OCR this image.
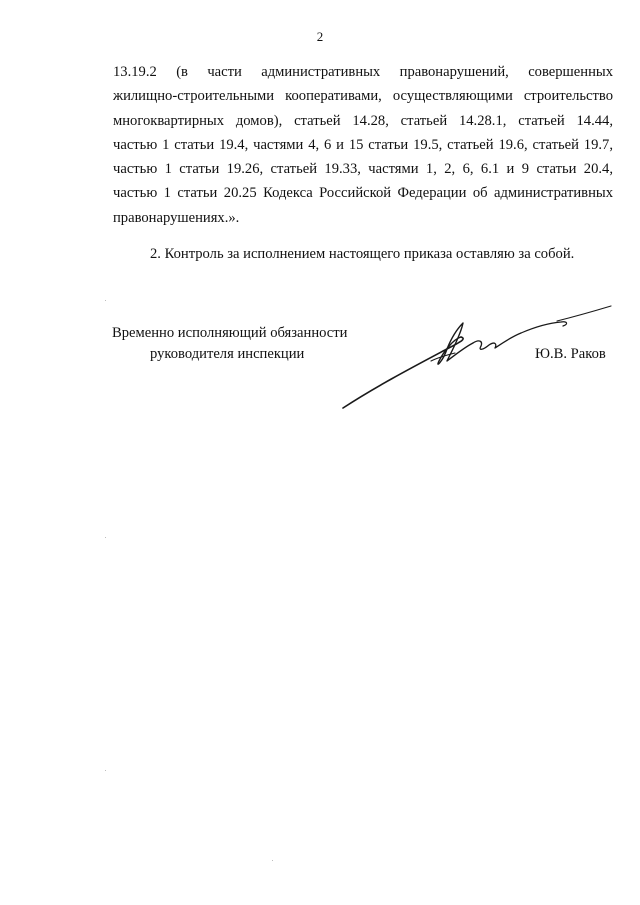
2

13.19.2 (в части административных правонарушений, совершенных
жилищно-строительными кооперативами, осуществляющими строительство
многоквартирных домов), статьей 14.28, статьей 14.28.1, статьей 14.44,
частью 1 статьи 19.4, частями 4, 6 и 15 статьи 19.5, статьей 19.6, статьей 19.7,
частью 1 статьи 19.26, статьей 19.33, частями 1, 2, 6, 6.1 и 9 статьи 20.4,
частью 1 статьи 20.25 Кодекса Российской Федерации об административных
правонарушениях.».

2. Контроль за исполнением настоящего приказа оставляю за собой.
Временно исполняющий обязанности
руководителя инспекции	Ю.В. Раков
